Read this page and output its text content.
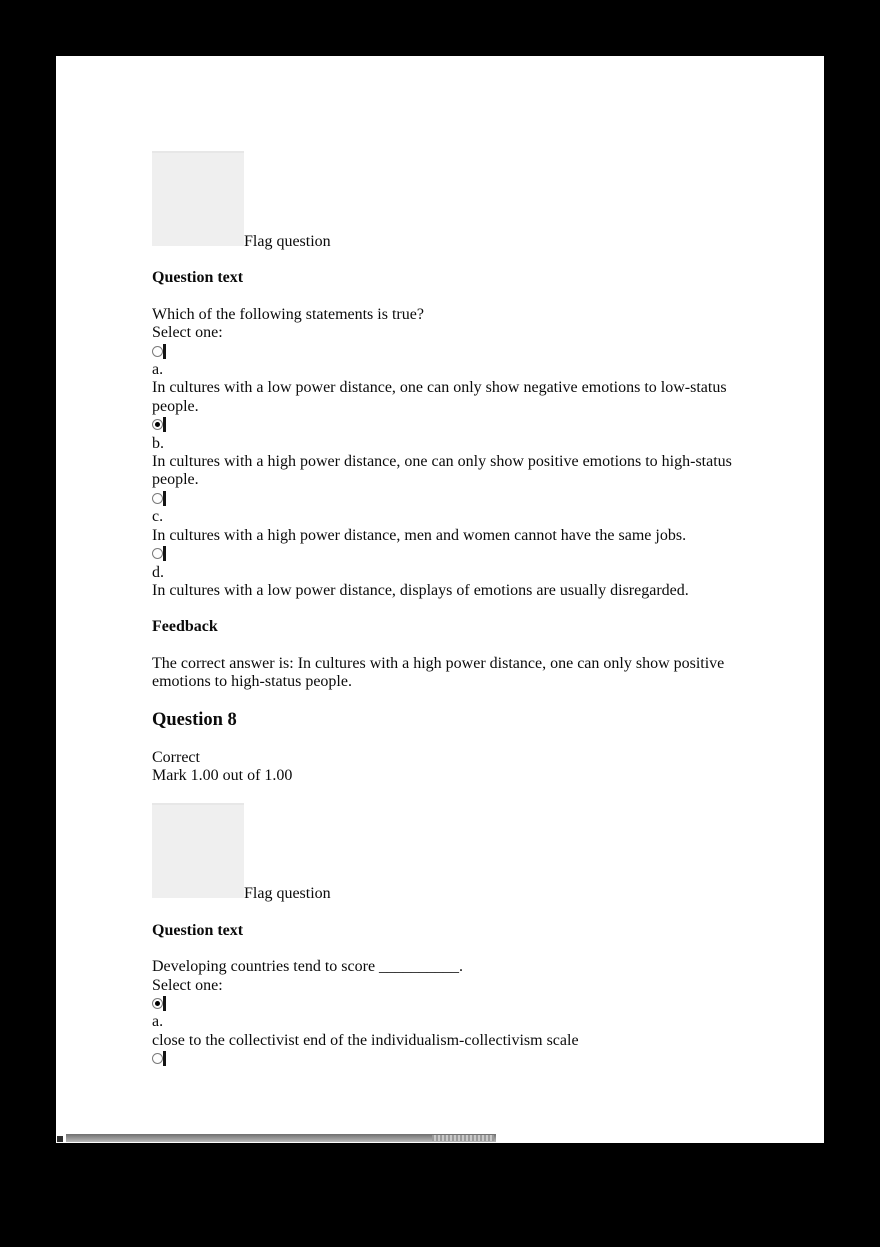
Flag question

Question text

Which of the following statements is true?
Select one:

a.
In cultures with a low power distance, one can only show negative emotions to low-status people.

b.
In cultures with a high power distance, one can only show positive emotions to high-status people.

c.
In cultures with a high power distance, men and women cannot have the same jobs.

d.
In cultures with a low power distance, displays of emotions are usually disregarded.

Feedback

The correct answer is: In cultures with a high power distance, one can only show positive emotions to high-status people.

Question 8

Correct
Mark 1.00 out of 1.00

Flag question

Question text

Developing countries tend to score __________.
Select one:

a.
close to the collectivist end of the individualism-collectivism scale
